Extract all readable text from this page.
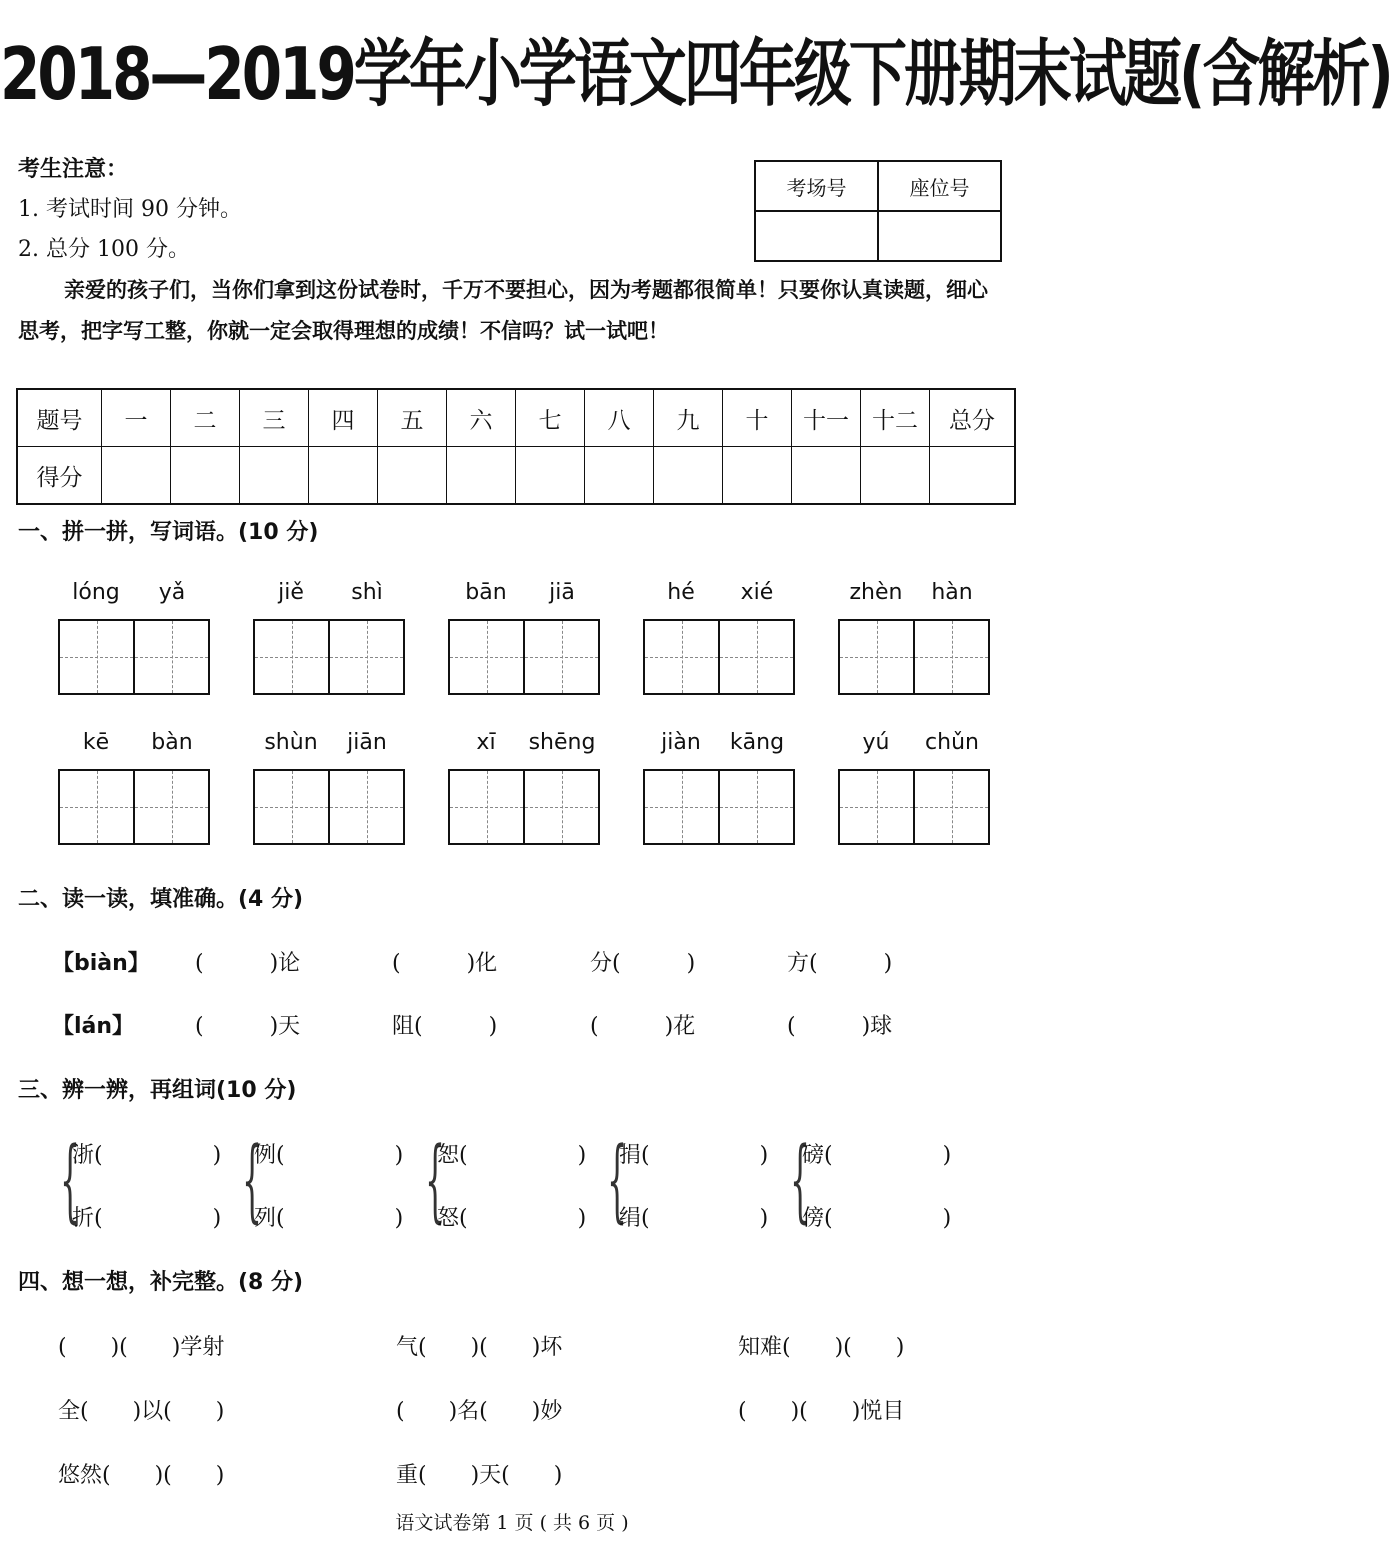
2018—2019学年小学语文四年级下册期末试题(含解析)
考生注意：
1. 考试时间 90 分钟。
2. 总分 100 分。
考场号	座位号

亲爱的孩子们，当你们拿到这份试卷时，千万不要担心，因为考题都很简单！只要你认真读题，细心思考，把字写工整，你就一定会取得理想的成绩！不信吗？试一试吧！
题号	一	二	三	四	五	六	七	八	九	十	十一	十二	总分
得分													
一、拼一拼，写词语。(10 分)
lóng	yǎ	jiě	shì	bān	jiā	hé	xié	zhèn	hàn
kē	bàn	shùn	jiān	xī	shēng	jiàn	kāng	yú	chǔn
二、读一读，填准确。(4 分)
【biàn】 (　　　)论	(　　　)化	分(　　　)	方(　　　)
【lán】	(　　　)天	阻(　　　)	(　　　)花	(　　　)球
三、辨一辨，再组词(10 分)
{
浙(　　　　　)
折(　　　　　) {
例(　　　　　)
列(　　　　　) {
恕(　　　　　)
怒(　　　　　) {
捐(　　　　　)
绢(　　　　　) {
磅(　　　　　)
傍(　　　　　)
四、想一想，补完整。(8 分)
(　　)(　　)学射	气(　　)(　　)坏	知难(　　)(　　)
全(　　)以(　　)	(　　)名(　　)妙	(　　)(　　)悦目
悠然(　　)(　　)	重(　　)天(　　)
语文试卷第 1 页 ( 共 6 页 )
